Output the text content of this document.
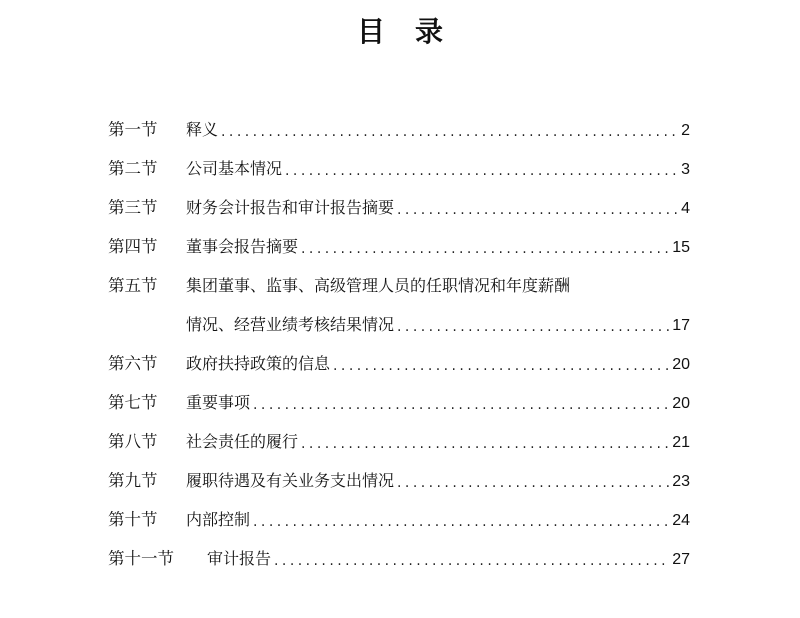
目 录
第一节 释义 . . .	2
第二节 公司基本情况 . . .	3
第三节 财务会计报告和审计报告摘要 . . .	4
第四节 董事会报告摘要 . . .	15
第五节 集团董事、监事、高级管理人员的任职情况和年度薪酬
情况、经营业绩考核结果情况 . . .	17
第六节 政府扶持政策的信息 . . .	20
第七节 重要事项 . . .	20
第八节 社会责任的履行 . . .	21
第九节 履职待遇及有关业务支出情况 . . .	23
第十节 内部控制 . . .	24
第十一节 审计报告 . . .	27
